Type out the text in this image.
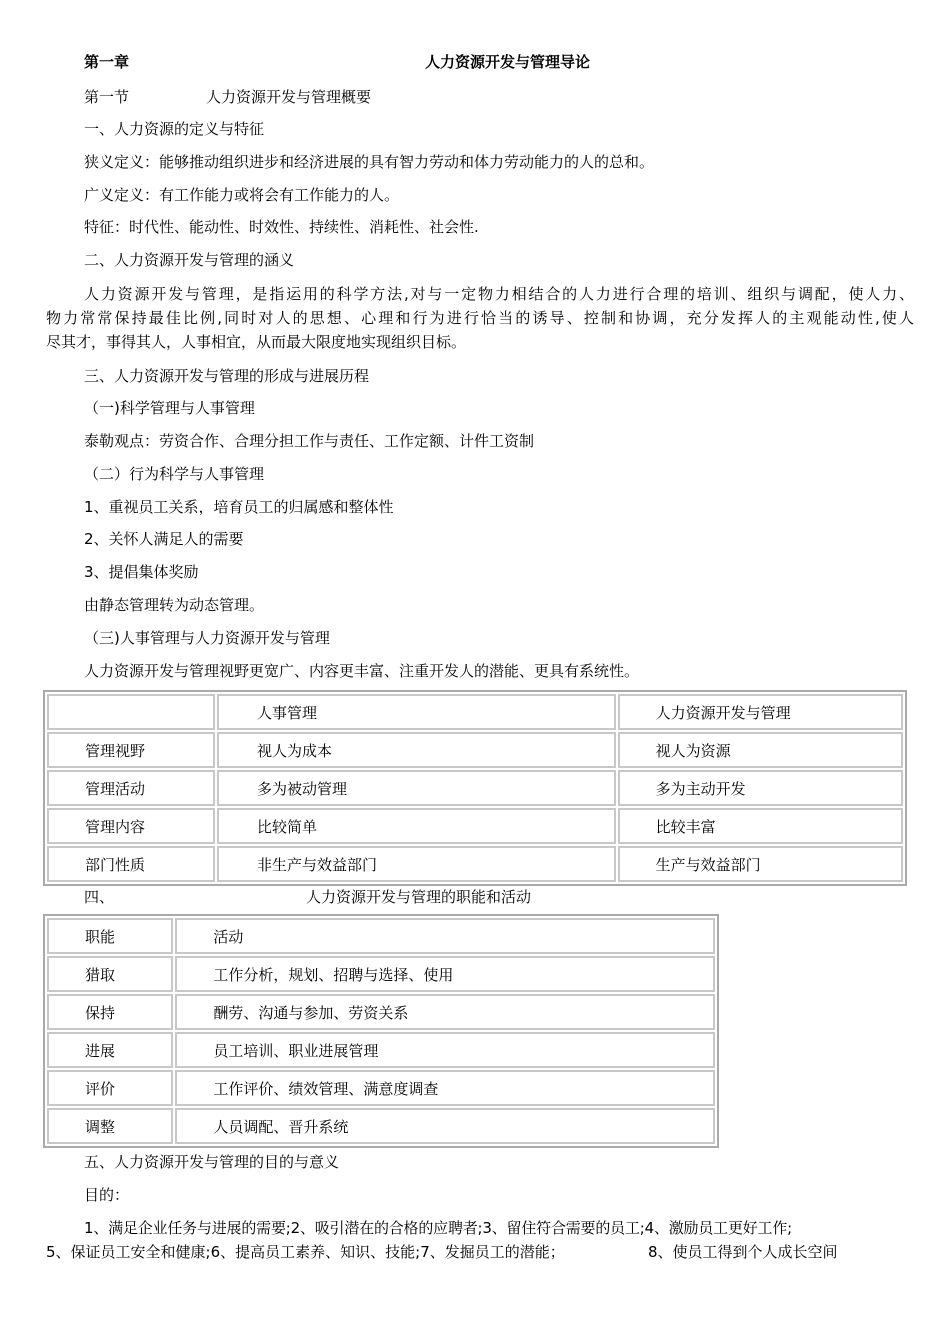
第一章	人力资源开发与管理导论
第一节	人力资源开发与管理概要
一、人力资源的定义与特征
狭义定义：能够推动组织进步和经济进展的具有智力劳动和体力劳动能力的人的总和。
广义定义：有工作能力或将会有工作能力的人。
特征：时代性、能动性、时效性、持续性、消耗性、社会性.
二、人力资源开发与管理的涵义
人力资源开发与管理，是指运用的科学方法,对与一定物力相结合的人力进行合理的培训、组织与调配，使人力、
物力常常保持最佳比例,同时对人的思想、心理和行为进行恰当的诱导、控制和协调，充分发挥人的主观能动性,使人
尽其才，事得其人，人事相宜，从而最大限度地实现组织目标。
三、人力资源开发与管理的形成与进展历程
（一)科学管理与人事管理
泰勒观点：劳资合作、合理分担工作与责任、工作定额、计件工资制
（二）行为科学与人事管理
1、重视员工关系，培育员工的归属感和整体性
2、关怀人满足人的需要
3、提倡集体奖励
由静态管理转为动态管理。
（三)人事管理与人力资源开发与管理
人力资源开发与管理视野更宽广、内容更丰富、注重开发人的潜能、更具有系统性。
	人事管理	人力资源开发与管理
管理视野	视人为成本	视人为资源
管理活动	多为被动管理	多为主动开发
管理内容	比较简单	比较丰富
部门性质	非生产与效益部门	生产与效益部门
四、	人力资源开发与管理的职能和活动
职能	活动
猎取	工作分析，规划、招聘与选择、使用
保持	酬劳、沟通与参加、劳资关系
进展	员工培训、职业进展管理
评价	工作评价、绩效管理、满意度调查
调整	人员调配、晋升系统
五、人力资源开发与管理的目的与意义
目的：
1、满足企业任务与进展的需要;2、吸引潜在的合格的应聘者;3、留住符合需要的员工;4、激励员工更好工作;
5、保证员工安全和健康;6、提高员工素养、知识、技能;7、发掘员工的潜能；	8、使员工得到个人成长空间
